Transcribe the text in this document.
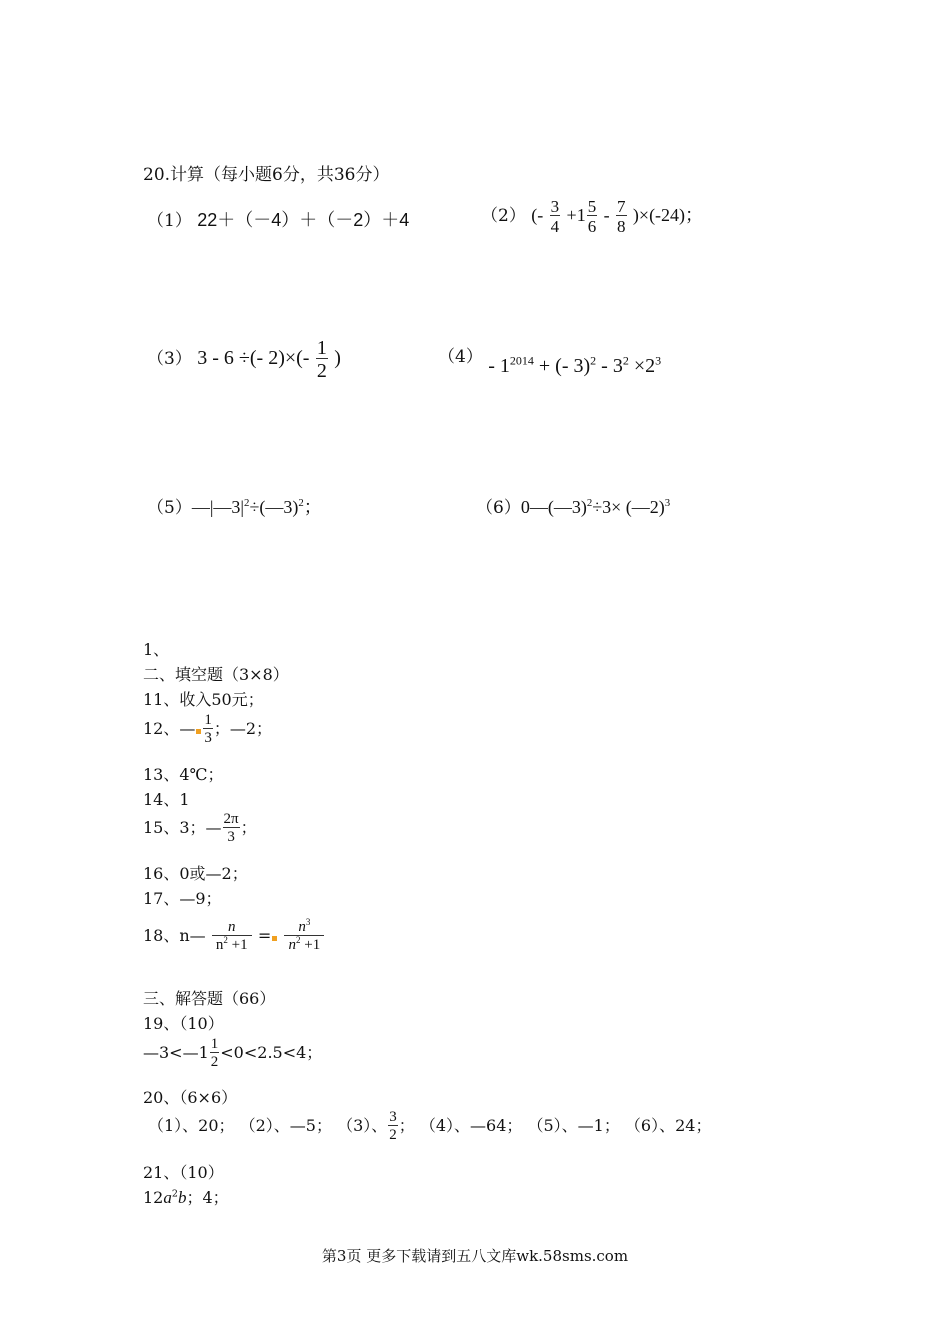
20.计算（每小题6分，共36分）
（1） 22＋（－4）＋（－2）＋4	（2） (- $\frac{3}{4} +1 \frac{5}{6} - \frac{7}{8} )\times(-24)$；
（3） 3 - 6 ÷(- $2)\times(- \frac{1}{2}$ )	$(4) - 1^{2014}$ + (- $3)^2 - 3^2 \times 2^3$
$(5)—|—3|^2\div(—3)^2$；	（6）0—(—3)$^2$÷3× (—2)$^3$
1、
二、填空题（3×8）
11、收入50元；
12、— $\frac{1}{3}$ ；—2；
13、4℃；
14、1
15、3；— $\frac{2\pi}{3}$ ；
16、0或—2；
17、—9；
18、n— $\frac{n}{n^2 +1} = \frac{n^3}{n^2 +1}$
三、解答题（66）
19、（10）
—3<—1 $\frac{1}{2} <0<2.5<4$；
20、（6×6）
（1）、20； （2）、—5； （3）、 $\frac{3}{2}$ ； （4）、—64； （5）、—1； （6）、24；
21、（10）
$12a^2b$；4；
第3页 更多下载请到五八文库wk.58sms.com
